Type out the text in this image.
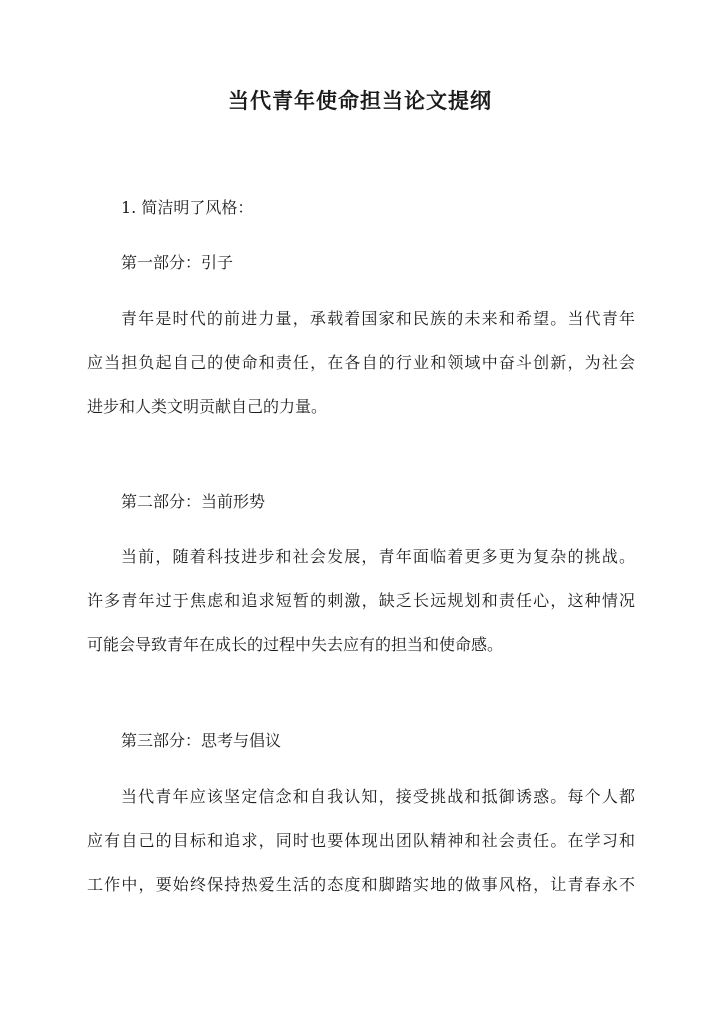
当代青年使命担当论文提纲

1. 简洁明了风格：

第一部分：引子

青年是时代的前进力量，承载着国家和民族的未来和希望。当代青年

应当担负起自己的使命和责任，在各自的行业和领域中奋斗创新，为社会

进步和人类文明贡献自己的力量。

第二部分：当前形势

当前，随着科技进步和社会发展，青年面临着更多更为复杂的挑战。

许多青年过于焦虑和追求短暂的刺激，缺乏长远规划和责任心，这种情况

可能会导致青年在成长的过程中失去应有的担当和使命感。

第三部分：思考与倡议

当代青年应该坚定信念和自我认知，接受挑战和抵御诱惑。每个人都

应有自己的目标和追求，同时也要体现出团队精神和社会责任。在学习和

工作中，要始终保持热爱生活的态度和脚踏实地的做事风格，让青春永不
